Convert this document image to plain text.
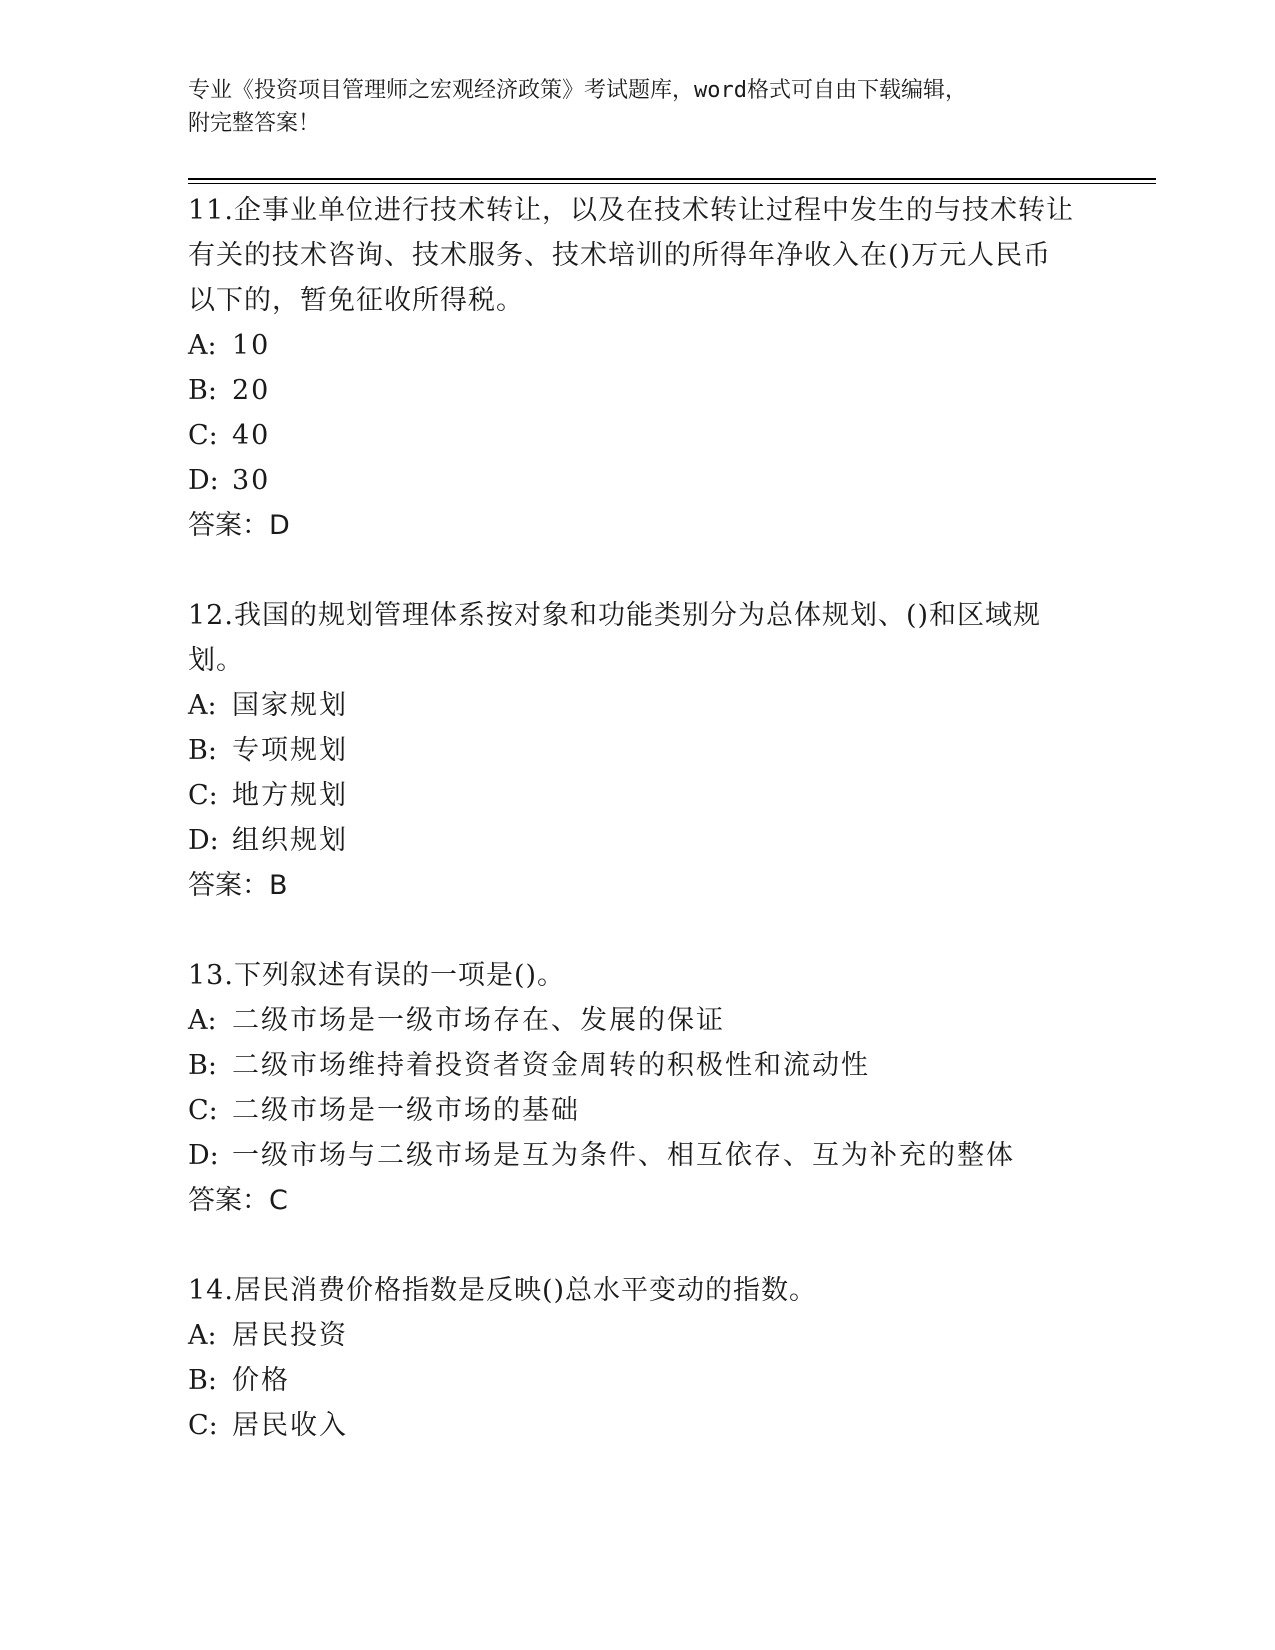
专业《投资项目管理师之宏观经济政策》考试题库，word格式可自由下载编辑，
附完整答案！

11.企事业单位进行技术转让，以及在技术转让过程中发生的与技术转让有关的技术咨询、技术服务、技术培训的所得年净收入在()万元人民币以下的，暂免征收所得税。

A: 10
B: 20
C: 40
D: 30

答案：D

12.我国的规划管理体系按对象和功能类别分为总体规划、()和区域规划。

A: 国家规划
B: 专项规划
C: 地方规划
D: 组织规划

答案：B

13.下列叙述有误的一项是()。

A: 二级市场是一级市场存在、发展的保证
B: 二级市场维持着投资者资金周转的积极性和流动性
C: 二级市场是一级市场的基础
D: 一级市场与二级市场是互为条件、相互依存、互为补充的整体

答案：C

14.居民消费价格指数是反映()总水平变动的指数。

A: 居民投资
B: 价格
C: 居民收入
